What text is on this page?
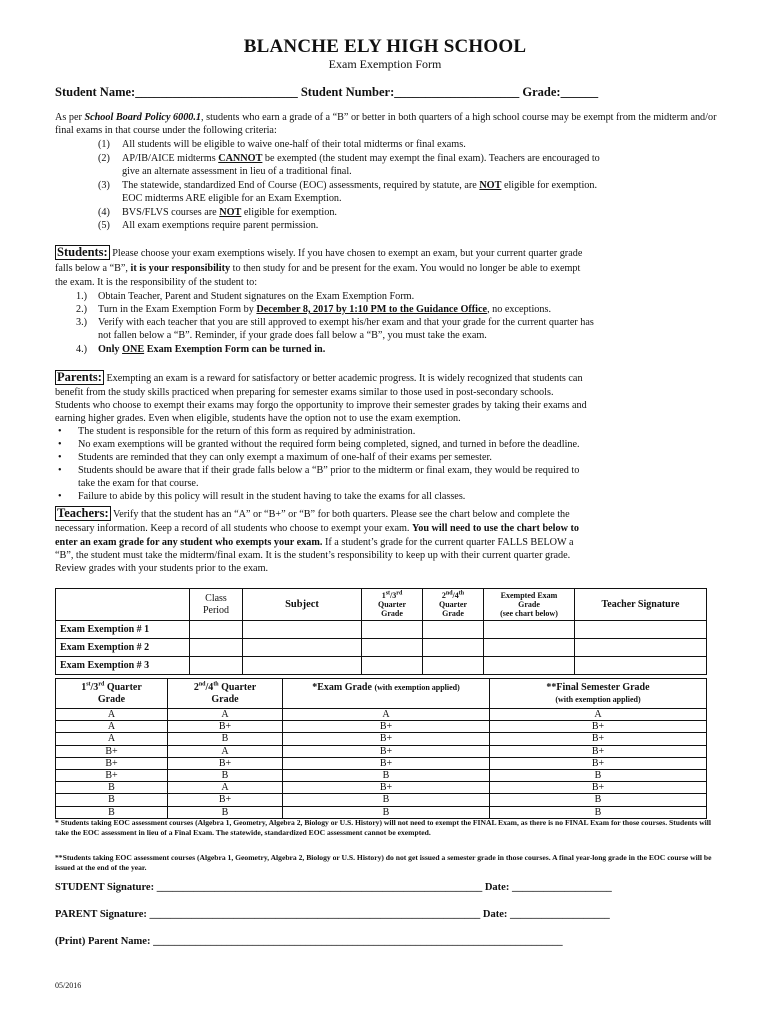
BLANCHE ELY HIGH SCHOOL
Exam Exemption Form
Student Name:__________________________ Student Number:____________________ Grade:______
As per School Board Policy 6000.1, students who earn a grade of a “B” or better in both quarters of a high school course may be exempt from the midterm and/or final exams in that course under the following criteria:
(1) All students will be eligible to waive one-half of their total midterms or final exams.
(2) AP/IB/AICE midterms CANNOT be exempted (the student may exempt the final exam). Teachers are encouraged to
give an alternate assessment in lieu of a traditional final.
(3) The statewide, standardized End of Course (EOC) assessments, required by statute, are NOT eligible for exemption.
EOC midterms ARE eligible for an Exam Exemption.
(4) BVS/FLVS courses are NOT eligible for exemption.
(5) All exam exemptions require parent permission.
Students: Please choose your exam exemptions wisely. If you have chosen to exempt an exam, but your current quarter grade
falls below a “B”, it is your responsibility to then study for and be present for the exam. You would no longer be able to exempt
the exam. It is the responsibility of the student to:
1.) Obtain Teacher, Parent and Student signatures on the Exam Exemption Form.
2.) Turn in the Exam Exemption Form by December 8, 2017 by 1:10 PM to the Guidance Office, no exceptions.
3.) Verify with each teacher that you are still approved to exempt his/her exam and that your grade for the current quarter has
not fallen below a “B”. Reminder, if your grade does fall below a “B”, you must take the exam.
4.) Only ONE Exam Exemption Form can be turned in.
Parents: Exempting an exam is a reward for satisfactory or better academic progress. It is widely recognized that students can
benefit from the study skills practiced when preparing for semester exams similar to those used in post-secondary schools.
Students who choose to exempt their exams may forgo the opportunity to improve their semester grades by taking their exams and
earning higher grades. Even when eligible, students have the option not to use the exam exemption.
• The student is responsible for the return of this form as required by administration.
• No exam exemptions will be granted without the required form being completed, signed, and turned in before the deadline.
• Students are reminded that they can only exempt a maximum of one-half of their exams per semester.
• Students should be aware that if their grade falls below a “B” prior to the midterm or final exam, they would be required to
take the exam for that course.
• Failure to abide by this policy will result in the student having to take the exams for all classes.
Teachers: Verify that the student has an “A” or “B+” or “B” for both quarters. Please see the chart below and complete the
necessary information. Keep a record of all students who choose to exempt your exam. You will need to use the chart below to
enter an exam grade for any student who exempts your exam. If a student’s grade for the current quarter FALLS BELOW a
“B”, the student must take the midterm/final exam. It is the student’s responsibility to keep up with their current quarter grade.
Review grades with your students prior to the exam.
	Class
Period	Subject	1st/3rd
Quarter
Grade	2nd/4th
Quarter
Grade	Exempted Exam
Grade
(see chart below)	Teacher Signature
Exam Exemption # 1						
Exam Exemption # 2						
Exam Exemption # 3						
1st/3rd Quarter
Grade	2nd/4th Quarter
Grade	*Exam Grade (with exemption applied)	**Final Semester Grade
(with exemption applied)
A	A	A	A
A	B+	B+	B+
A	B	B+	B+
B+	A	B+	B+
B+	B+	B+	B+
B+	B	B	B
B	A	B+	B+
B	B+	B	B
B	B	B	B
* Students taking EOC assessment courses (Algebra 1, Geometry, Algebra 2, Biology or U.S. History) will not need to exempt the FINAL Exam, as there is no FINAL Exam for those courses. Students will take the EOC assessment in lieu of a Final Exam. The statewide, standardized EOC assessment cannot be exempted.
**Students taking EOC assessment courses (Algebra 1, Geometry, Algebra 2, Biology or U.S. History) do not get issued a semester grade in those courses. A final year-long grade in the EOC course will be issued at the end of the year.
STUDENT Signature: ______________________________________________________________ Date: ___________________
PARENT Signature: _______________________________________________________________ Date: ___________________
(Print) Parent Name: ______________________________________________________________________________
05/2016
